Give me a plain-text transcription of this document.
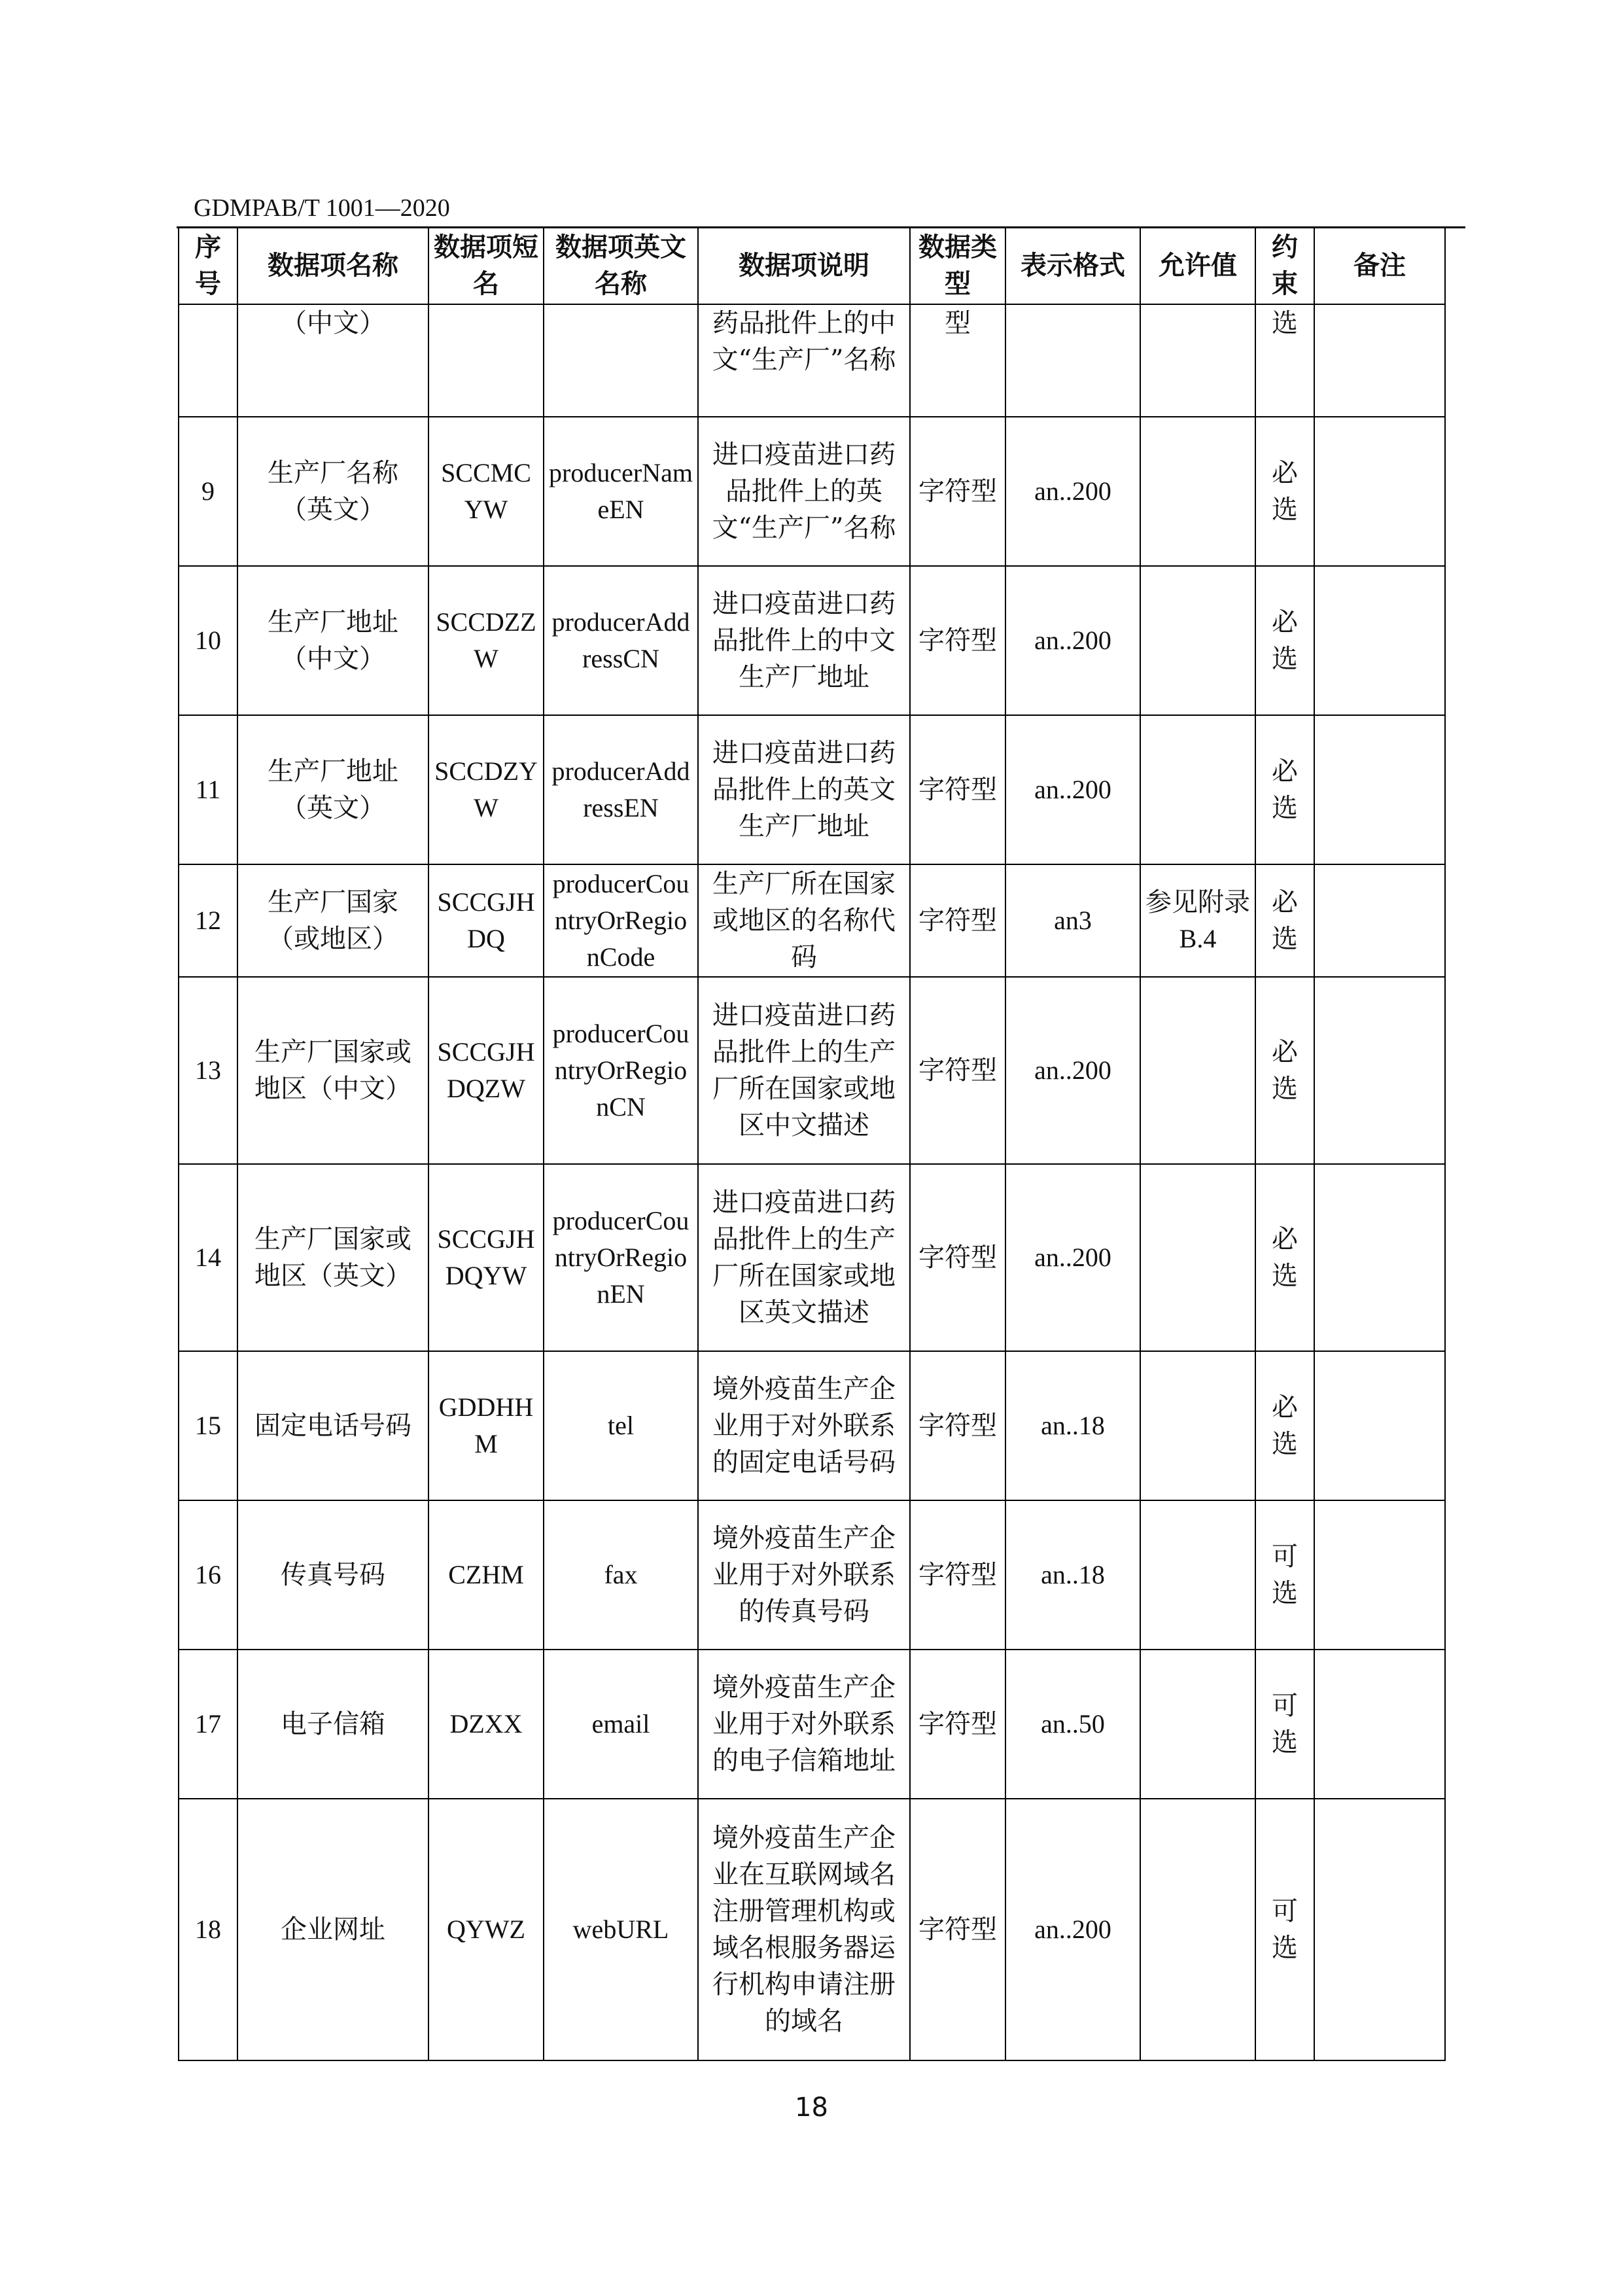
GDMPAB/T 1001—2020
序号	数据项名称	数据项短名	数据项英文名称	数据项说明	数据类型	表示格式	允许值	约束	备注
	（中文）			药品批件上的中文“生产厂”名称	型			选	
9	生产厂名称（英文）	SCCMCYW	producerNameEN	进口疫苗进口药品批件上的英文“生产厂”名称	字符型	an..200		必选	
10	生产厂地址（中文）	SCCDZZW	producerAddressCN	进口疫苗进口药品批件上的中文生产厂地址	字符型	an..200		必选	
11	生产厂地址（英文）	SCCDZYW	producerAddressEN	进口疫苗进口药品批件上的英文生产厂地址	字符型	an..200		必选	
12	生产厂国家（或地区）	SCCGJHDQ	producerCountryOrRegionCode	生产厂所在国家或地区的名称代码	字符型	an3	参见附录 B.4	必选	
13	生产厂国家或地区（中文）	SCCGJHDQZW	producerCountryOrRegionCN	进口疫苗进口药品批件上的生产厂所在国家或地区中文描述	字符型	an..200		必选	
14	生产厂国家或地区（英文）	SCCGJHDQYW	producerCountryOrRegionEN	进口疫苗进口药品批件上的生产厂所在国家或地区英文描述	字符型	an..200		必选	
15	固定电话号码	GDDHHM	tel	境外疫苗生产企业用于对外联系的固定电话号码	字符型	an..18		必选	
16	传真号码	CZHM	fax	境外疫苗生产企业用于对外联系的传真号码	字符型	an..18		可选	
17	电子信箱	DZXX	email	境外疫苗生产企业用于对外联系的电子信箱地址	字符型	an..50		可选	
18	企业网址	QYWZ	webURL	境外疫苗生产企业在互联网域名注册管理机构或域名根服务器运行机构申请注册的域名	字符型	an..200		可选	
18
